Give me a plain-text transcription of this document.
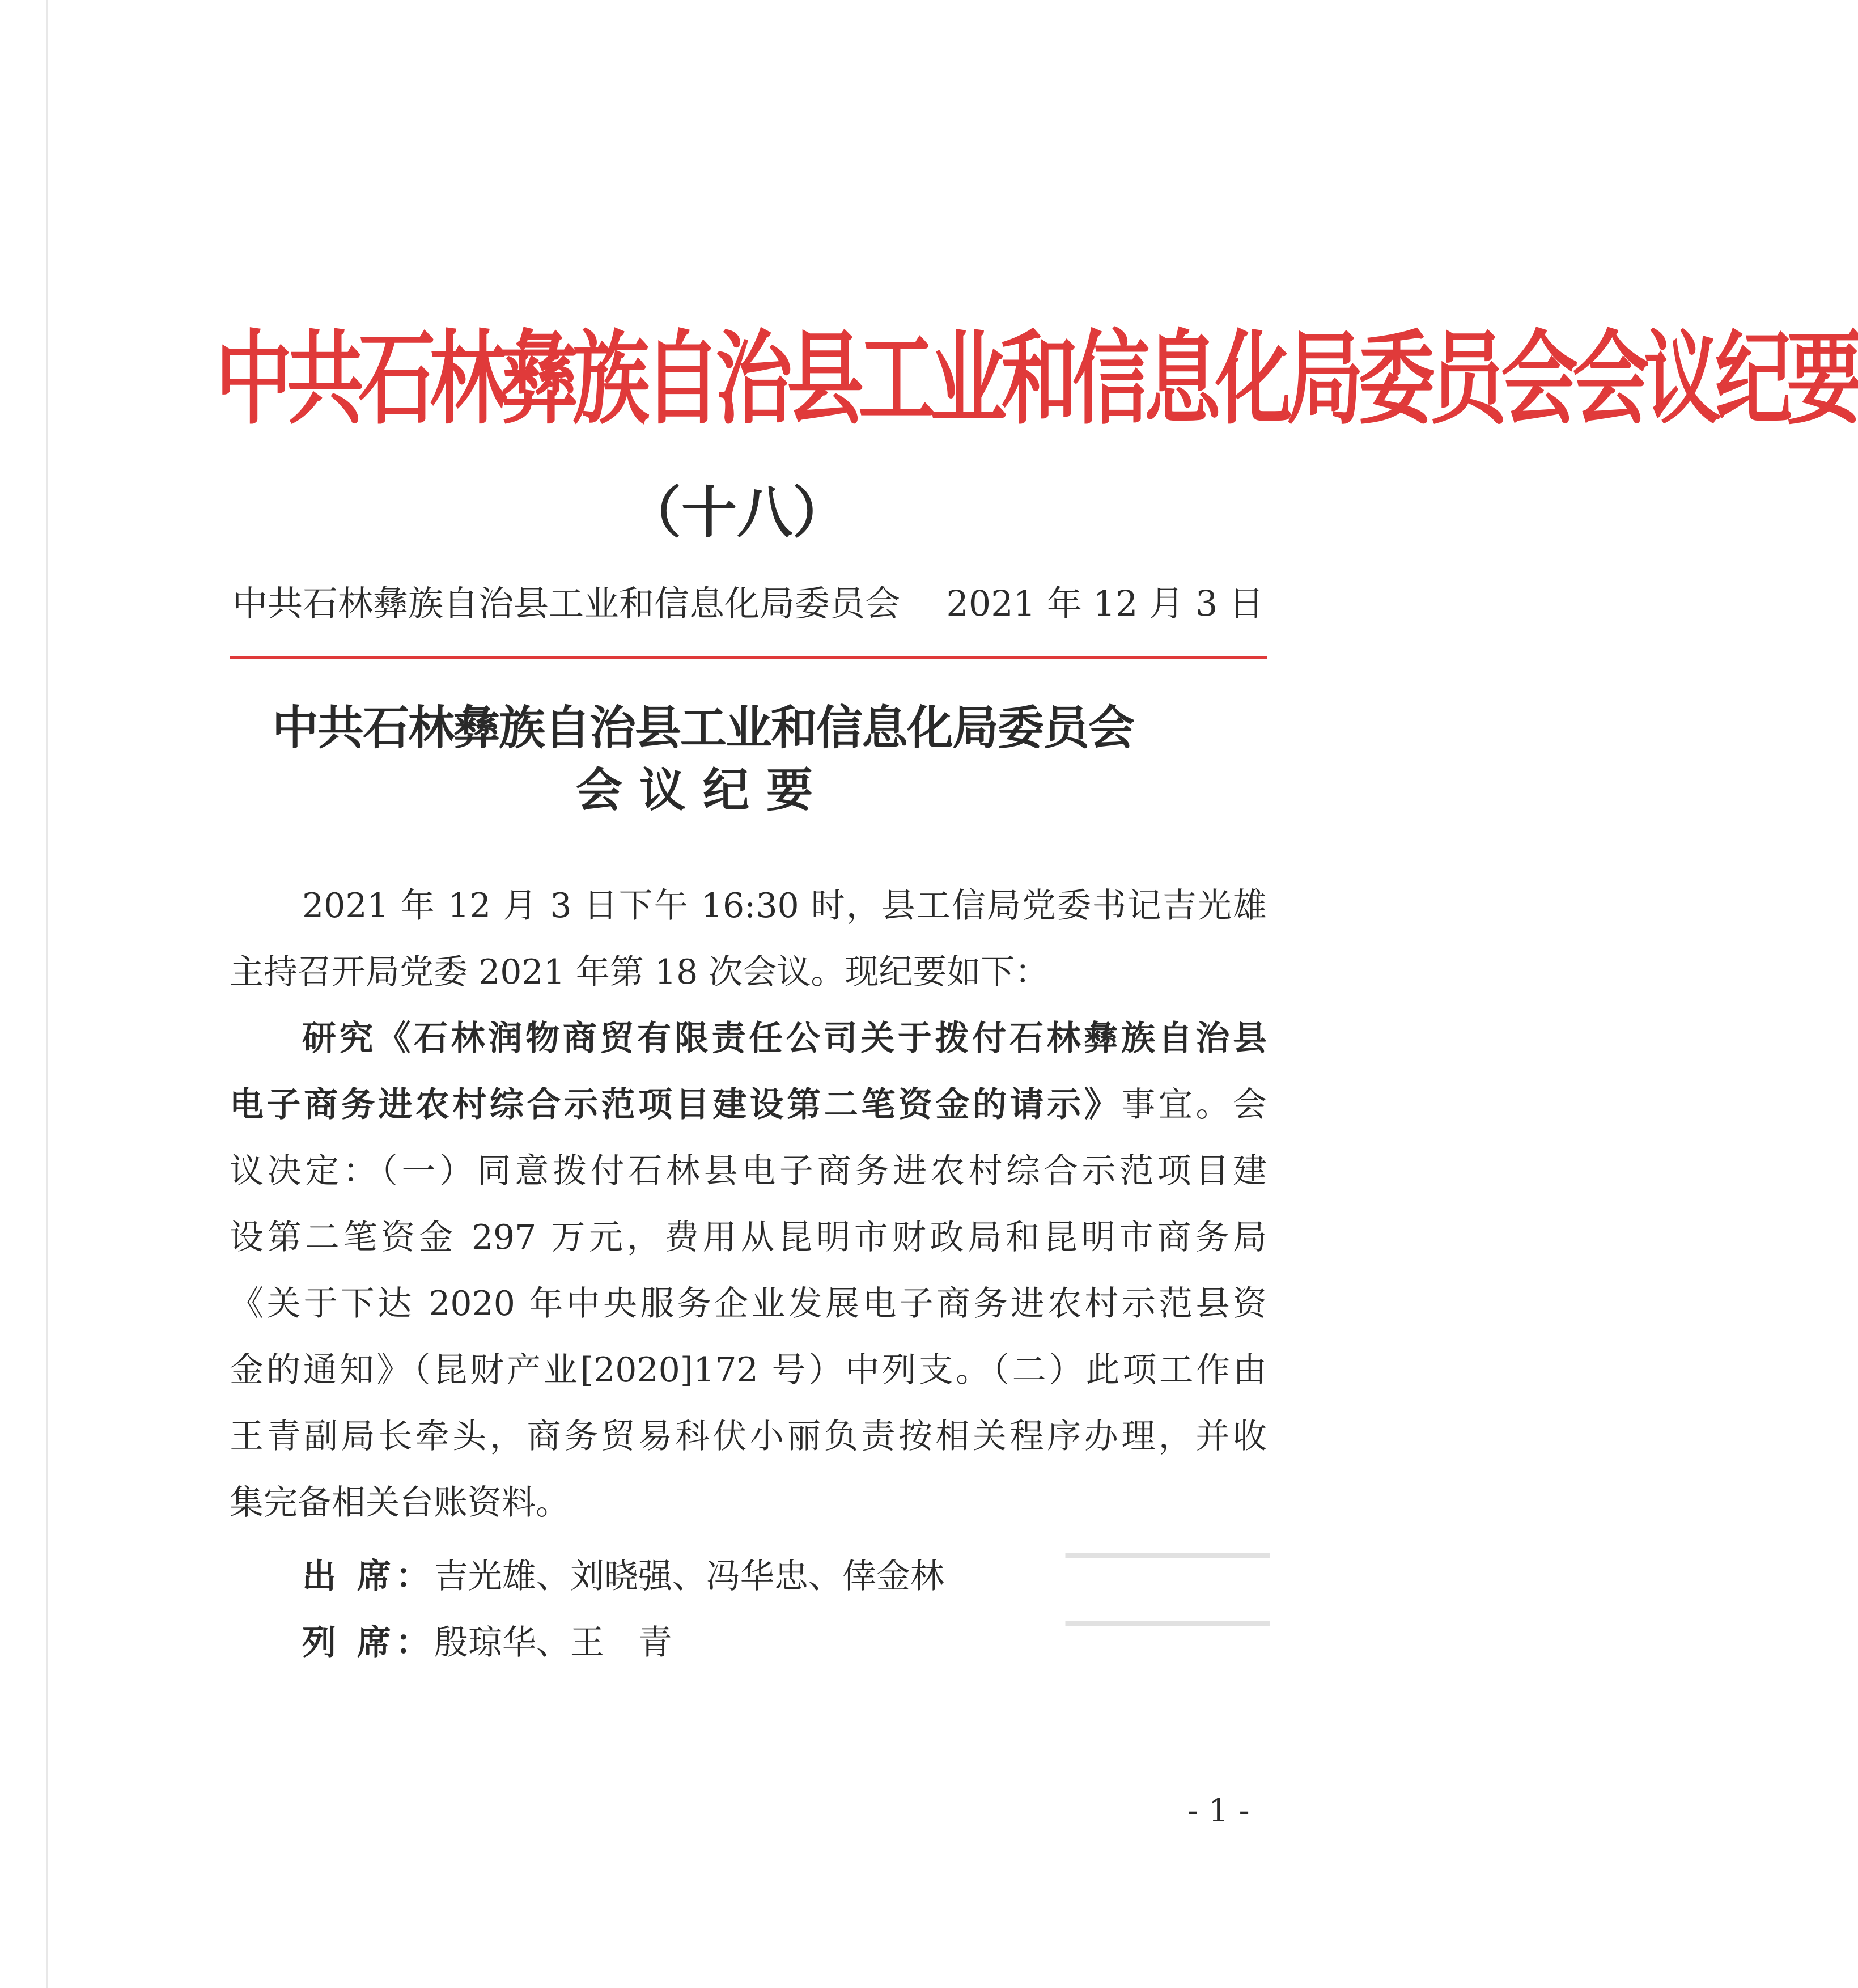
中共石林彝族自治县工业和信息化局委员会会议纪要
（十八）
中共石林彝族自治县工业和信息化局委员会 2021 年 12 月 3 日
中共石林彝族自治县工业和信息化局委员会
会议纪要
2021 年 12 月 3 日下午 16:30 时，县工信局党委书记吉光雄
主持召开局党委 2021 年第 18 次会议。现纪要如下：
研究《石林润物商贸有限责任公司关于拨付石林彝族自治县
电子商务进农村综合示范项目建设第二笔资金的请示》事宜。会
议决定：（一）同意拨付石林县电子商务进农村综合示范项目建
设第二笔资金 297 万元，费用从昆明市财政局和昆明市商务局
《关于下达 2020 年中央服务企业发展电子商务进农村示范县资
金的通知》（昆财产业[2020]172 号）中列支。（二）此项工作由
王青副局长牵头，商务贸易科伏小丽负责按相关程序办理，并收
集完备相关台账资料。
出 席：吉光雄、刘晓强、冯华忠、倖金林
列 席：殷琼华、王　青
▁▁▁▁▁▁▁▁▁
▁▁▁▁▁▁▁▁▁
- 1 -
